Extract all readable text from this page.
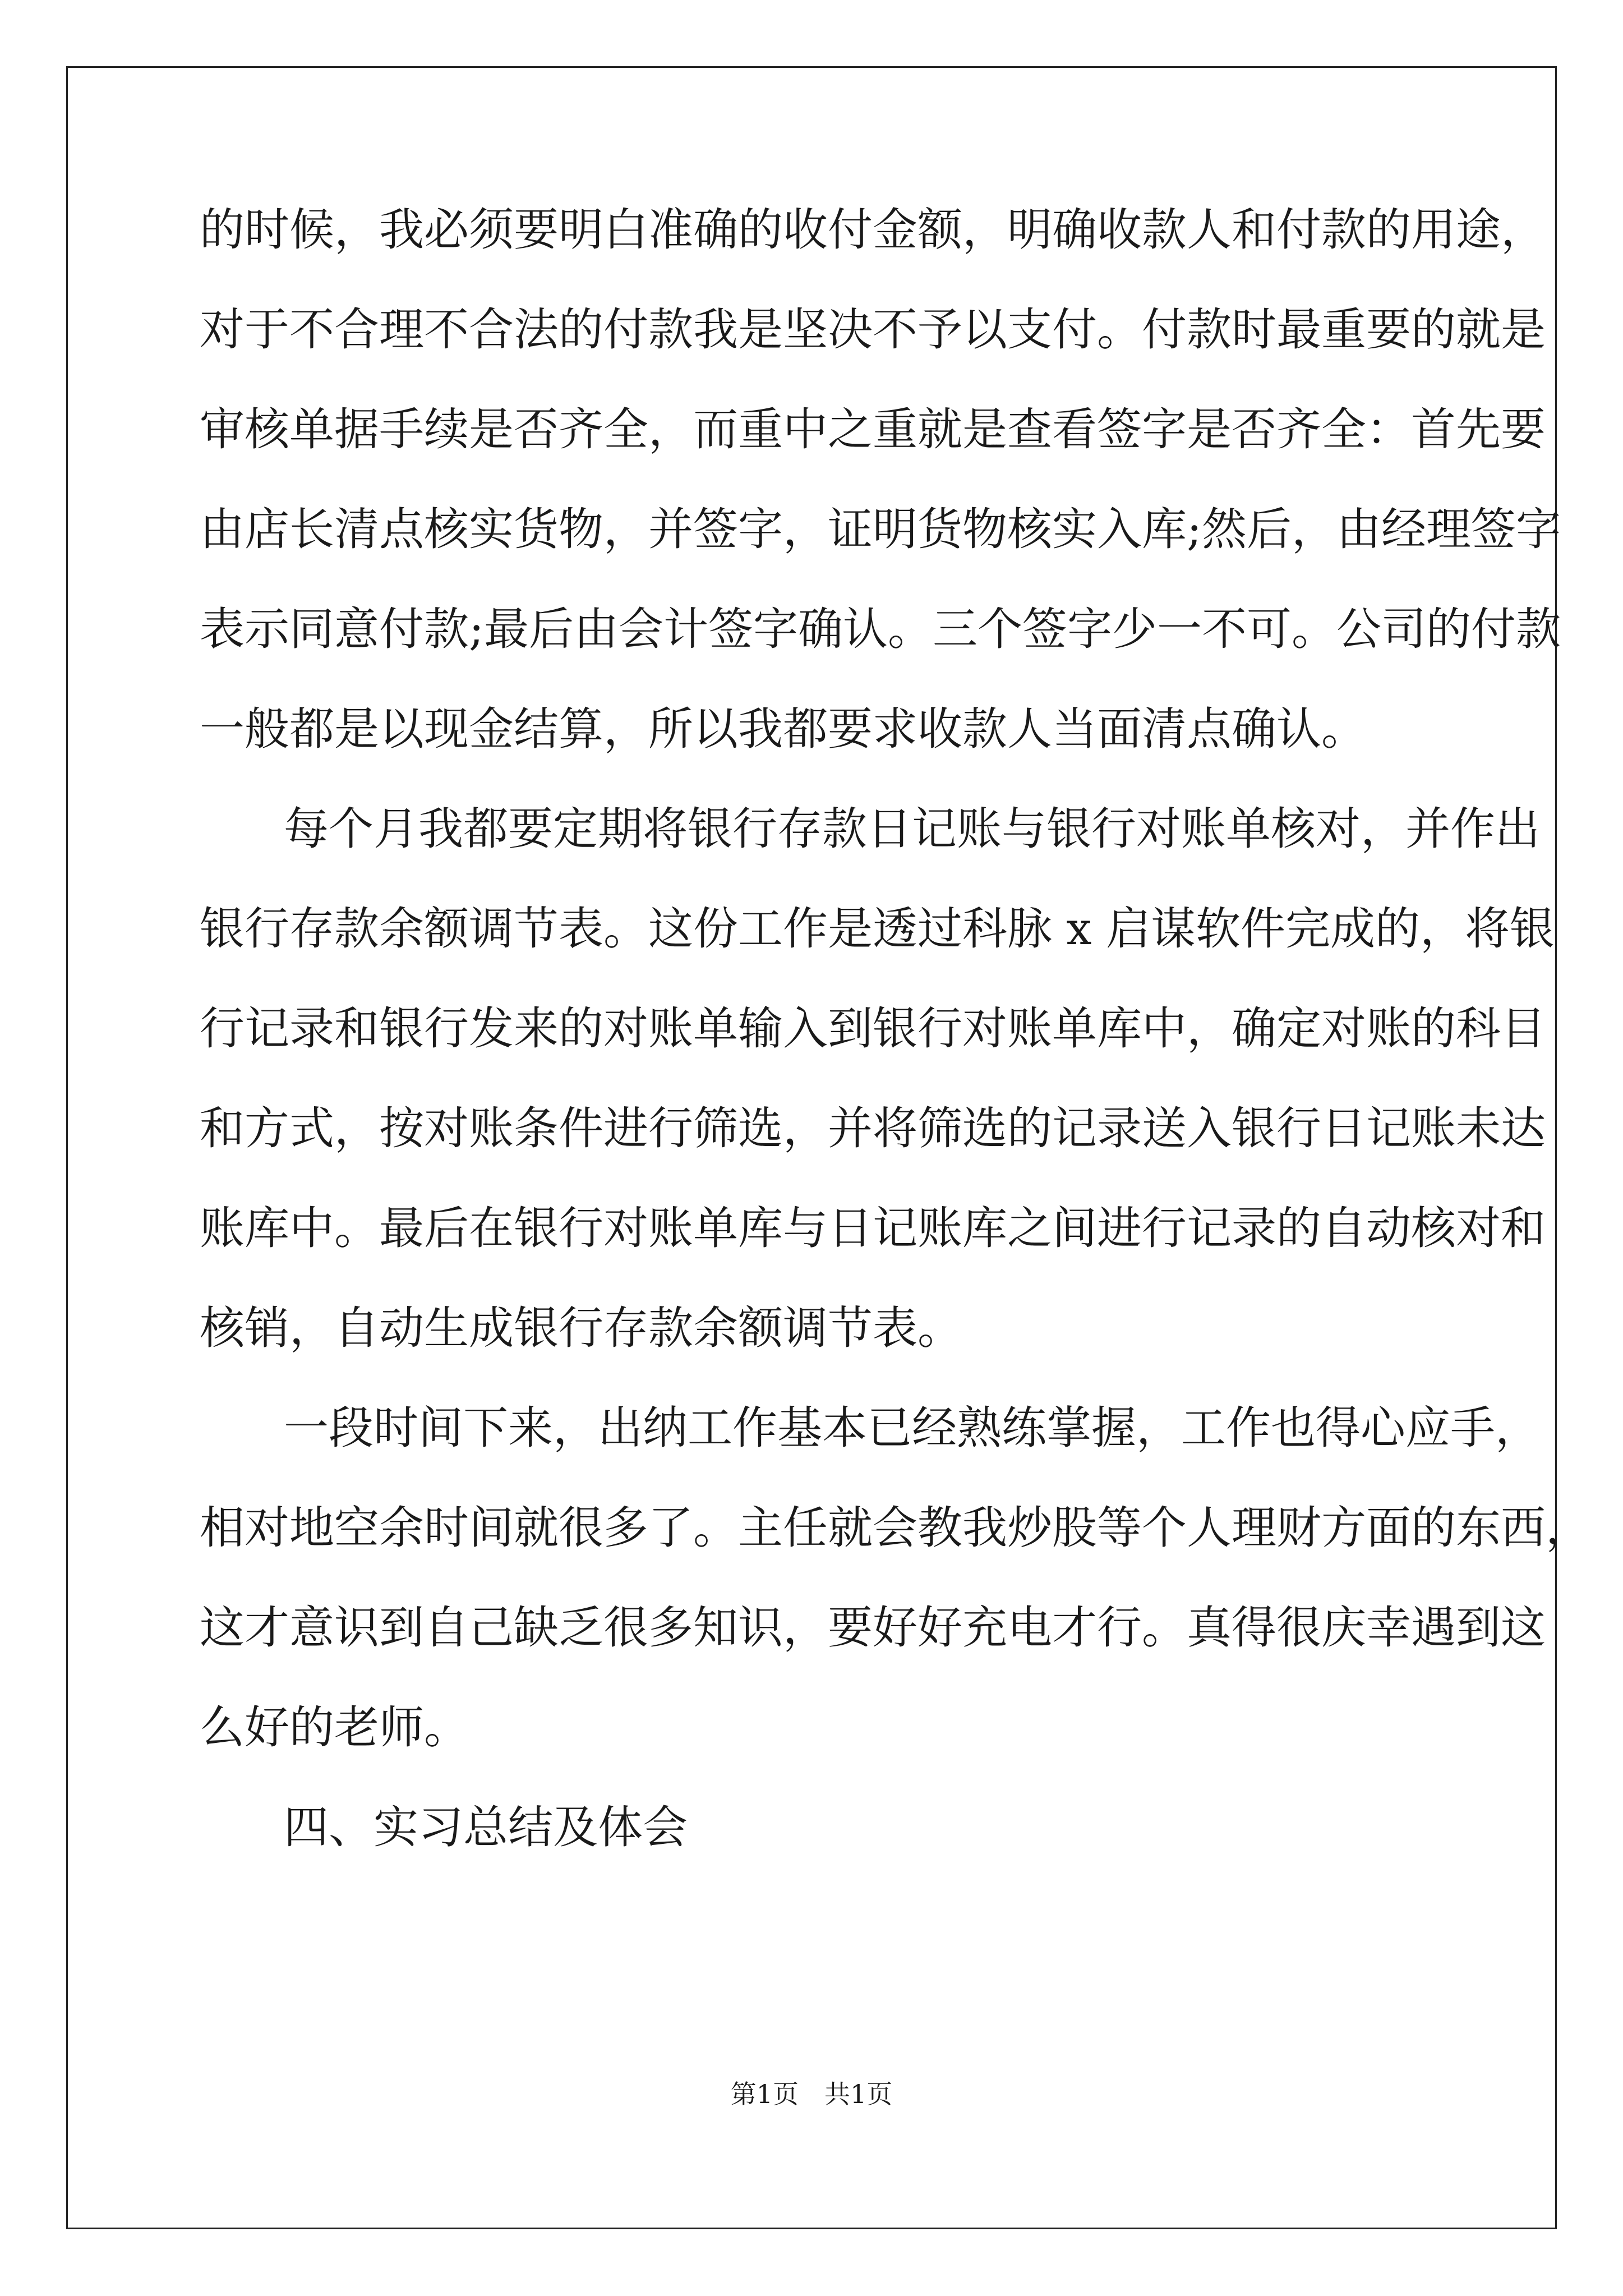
的时候，我必须要明白准确的收付金额，明确收款人和付款的用途，
对于不合理不合法的付款我是坚决不予以支付。付款时最重要的就是
审核单据手续是否齐全，而重中之重就是查看签字是否齐全：首先要
由店长清点核实货物，并签字，证明货物核实入库;然后，由经理签字
表示同意付款;最后由会计签字确认。三个签字少一不可。公司的付款
一般都是以现金结算，所以我都要求收款人当面清点确认。
每个月我都要定期将银行存款日记账与银行对账单核对，并作出
银行存款余额调节表。这份工作是透过科脉 x 启谋软件完成的，将银
行记录和银行发来的对账单输入到银行对账单库中，确定对账的科目
和方式，按对账条件进行筛选，并将筛选的记录送入银行日记账未达
账库中。最后在银行对账单库与日记账库之间进行记录的自动核对和
核销，自动生成银行存款余额调节表。
一段时间下来，出纳工作基本已经熟练掌握，工作也得心应手，
相对地空余时间就很多了。主任就会教我炒股等个人理财方面的东西，
这才意识到自己缺乏很多知识，要好好充电才行。真得很庆幸遇到这
么好的老师。
四、实习总结及体会
第1页 共1页
